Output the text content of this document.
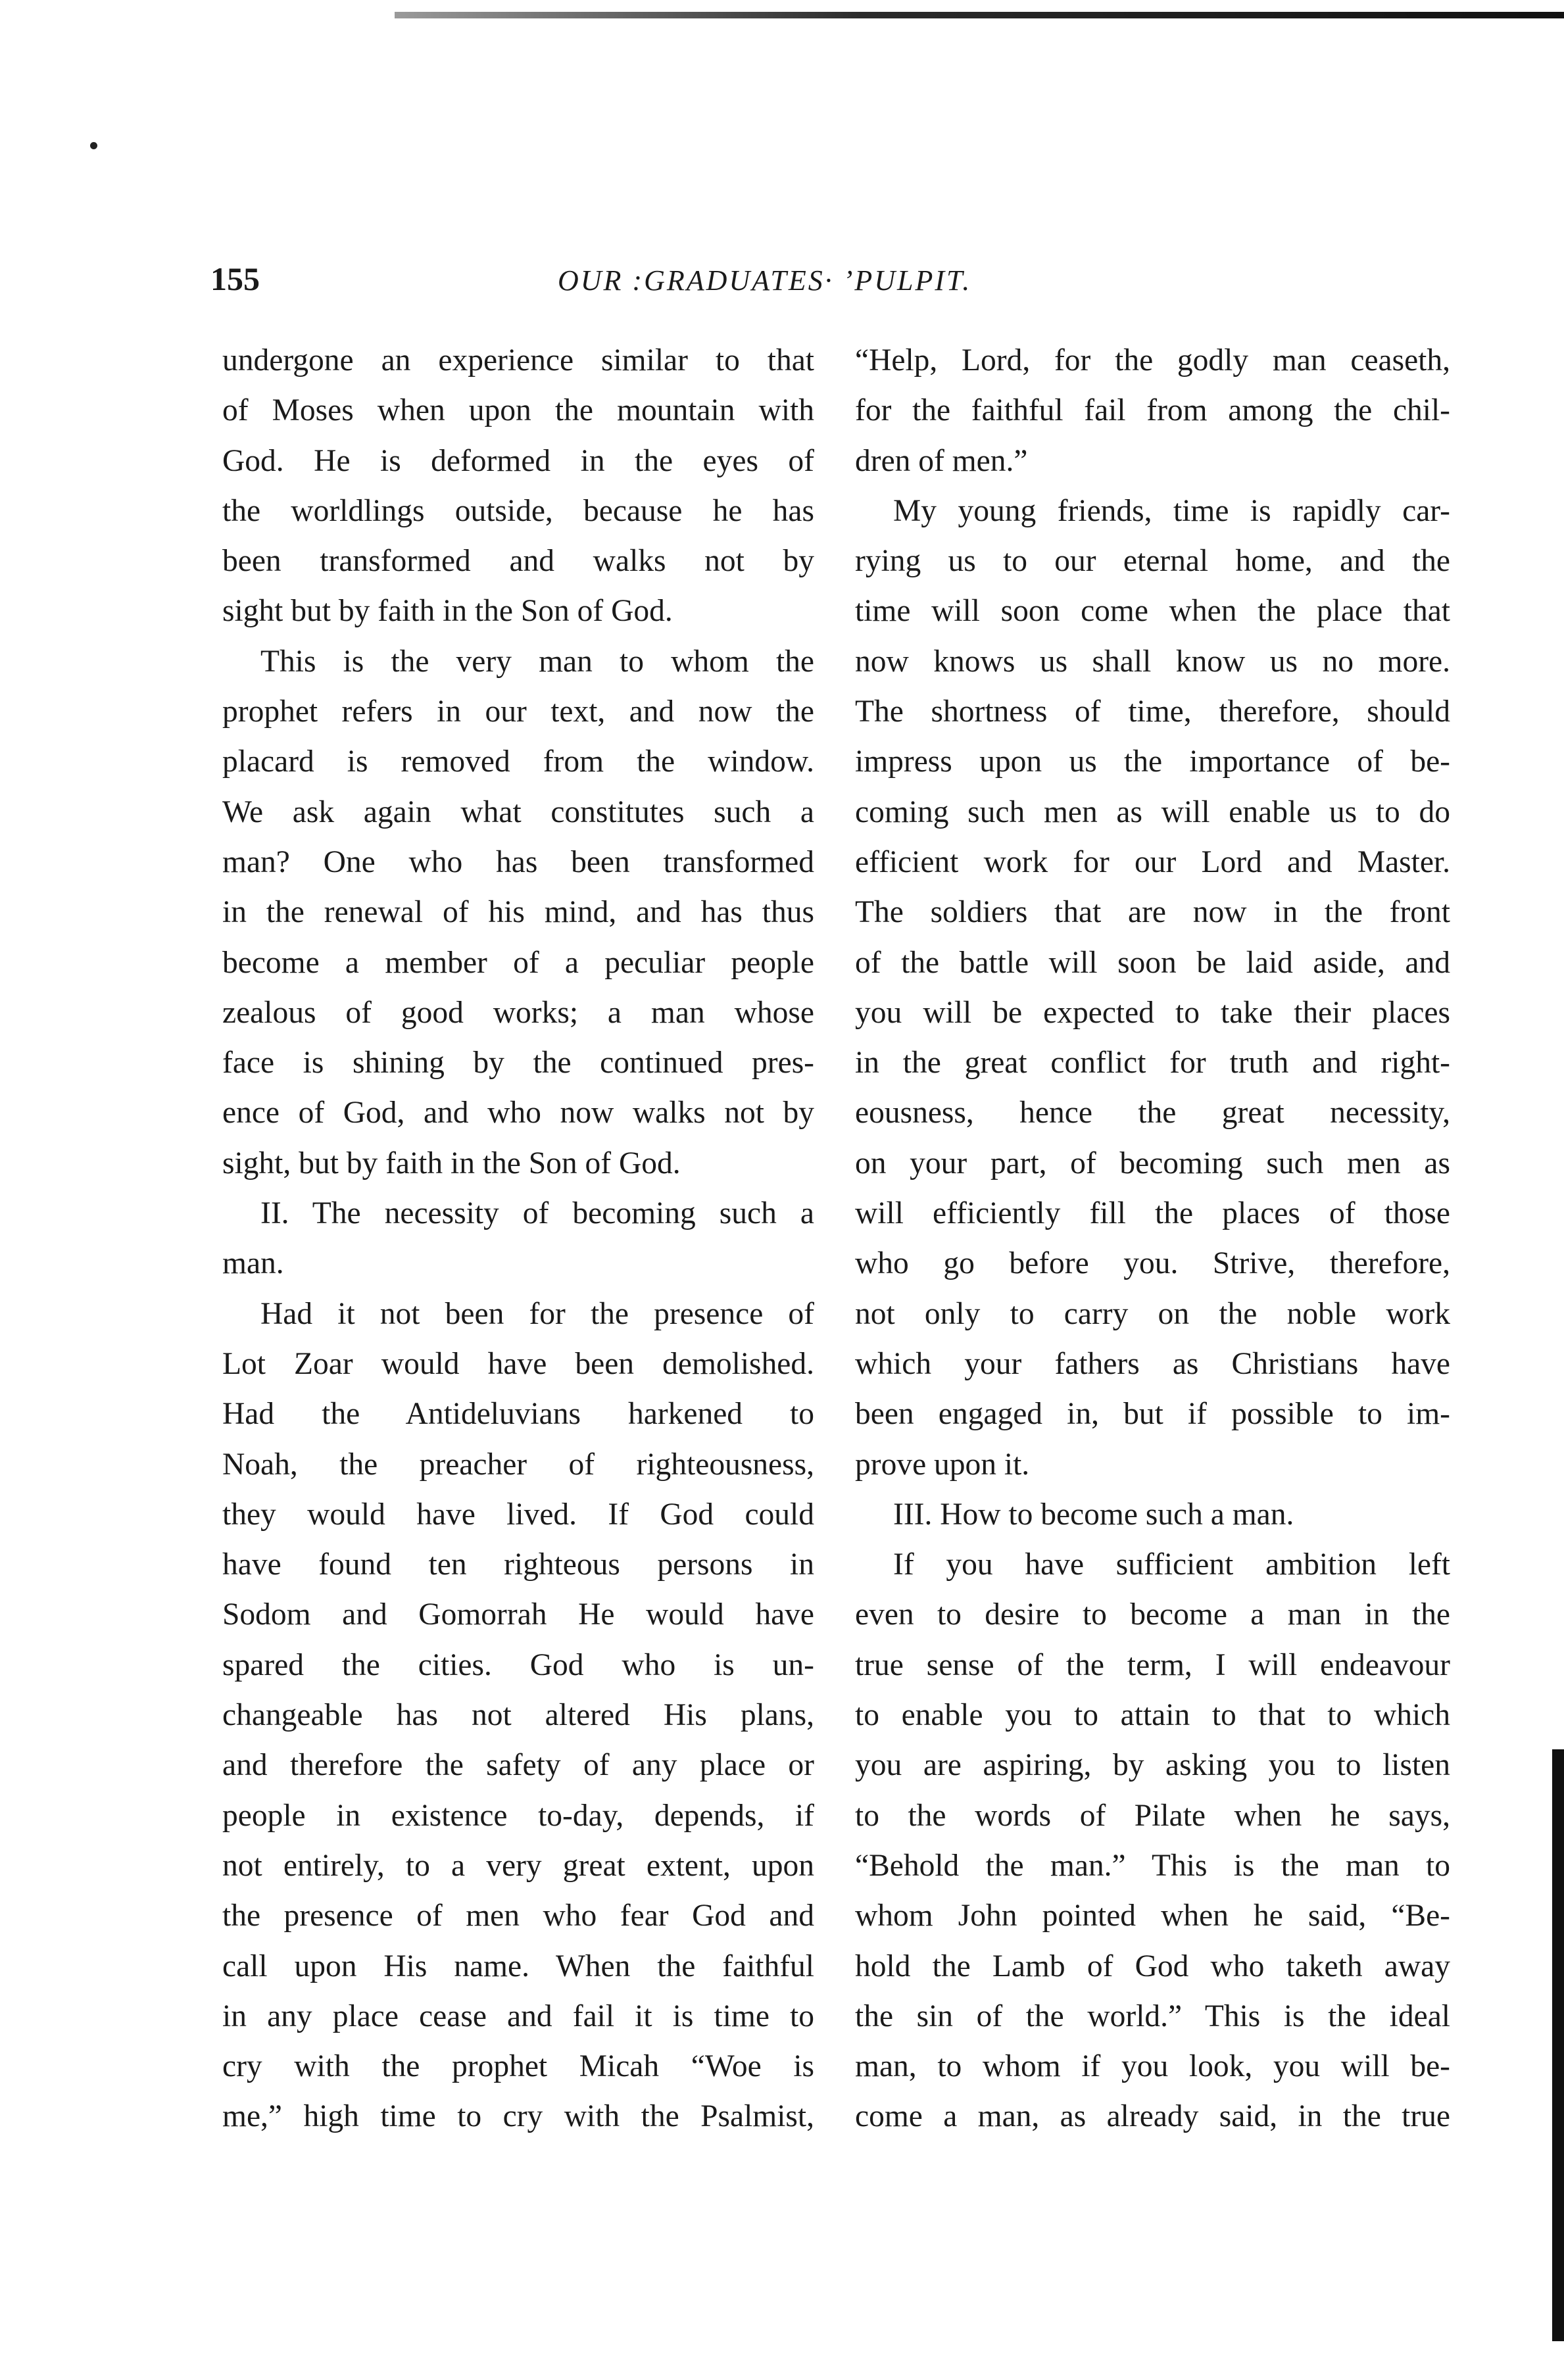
155	OUR :GRADUATES· ’PULPIT.
undergone an experience similar to that
of Moses when upon the mountain with
God. He is deformed in the eyes of
the worldlings outside, because he has
been transformed and walks not by
sight but by faith in the Son of God.
This is the very man to whom the
prophet refers in our text, and now the
placard is removed from the window.
We ask again what constitutes such a
man? One who has been transformed
in the renewal of his mind, and has thus
become a member of a peculiar people
zealous of good works; a man whose
face is shining by the continued pres-
ence of God, and who now walks not by
sight, but by faith in the Son of God.
II. The necessity of becoming such a
man.
Had it not been for the presence of
Lot Zoar would have been demolished.
Had the Antideluvians harkened to
Noah, the preacher of righteousness,
they would have lived. If God could
have found ten righteous persons in
Sodom and Gomorrah He would have
spared the cities. God who is un-
changeable has not altered His plans,
and therefore the safety of any place or
people in existence to-day, depends, if
not entirely, to a very great extent, upon
the presence of men who fear God and
call upon His name. When the faithful
in any place cease and fail it is time to
cry with the prophet Micah “Woe is
me,” high time to cry with the Psalmist,
“Help, Lord, for the godly man ceaseth,
for the faithful fail from among the chil-
dren of men.”
My young friends, time is rapidly car-
rying us to our eternal home, and the
time will soon come when the place that
now knows us shall know us no more.
The shortness of time, therefore, should
impress upon us the importance of be-
coming such men as will enable us to do
efficient work for our Lord and Master.
The soldiers that are now in the front
of the battle will soon be laid aside, and
you will be expected to take their places
in the great conflict for truth and right-
eousness, hence the great necessity,
on your part, of becoming such men as
will efficiently fill the places of those
who go before you. Strive, therefore,
not only to carry on the noble work
which your fathers as Christians have
been engaged in, but if possible to im-
prove upon it.
III. How to become such a man.
If you have sufficient ambition left
even to desire to become a man in the
true sense of the term, I will endeavour
to enable you to attain to that to which
you are aspiring, by asking you to listen
to the words of Pilate when he says,
“Behold the man.” This is the man to
whom John pointed when he said, “Be-
hold the Lamb of God who taketh away
the sin of the world.” This is the ideal
man, to whom if you look, you will be-
come a man, as already said, in the true
